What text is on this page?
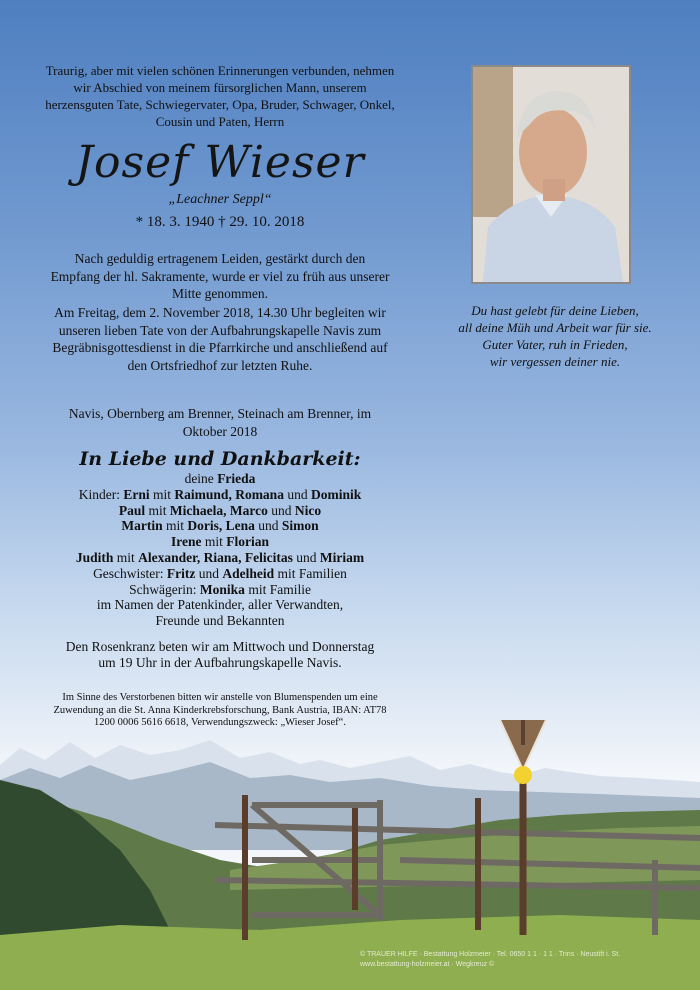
Traurig, aber mit vielen schönen Erinnerungen verbunden, nehmen wir Abschied von meinem fürsorglichen Mann, unserem herzensguten Tate, Schwiegervater, Opa, Bruder, Schwager, Onkel, Cousin und Paten, Herrn
Josef Wieser
„Leachner Seppl“
* 18. 3. 1940 † 29. 10. 2018
Nach geduldig ertragenem Leiden, gestärkt durch den Empfang der hl. Sakramente, wurde er viel zu früh aus unserer Mitte genommen.
Am Freitag, dem 2. November 2018, 14.30 Uhr begleiten wir unseren lieben Tate von der Aufbahrungskapelle Navis zum Begräbnisgottesdienst in die Pfarrkirche und anschließend auf den Ortsfriedhof zur letzten Ruhe.
Navis, Obernberg am Brenner, Steinach am Brenner, im Oktober 2018
In Liebe und Dankbarkeit:
deine Frieda
Kinder: Erni mit Raimund, Romana und Dominik
Paul mit Michaela, Marco und Nico
Martin mit Doris, Lena und Simon
Irene mit Florian
Judith mit Alexander, Riana, Felicitas und Miriam
Geschwister: Fritz und Adelheid mit Familien
Schwägerin: Monika mit Familie
im Namen der Patenkinder, aller Verwandten,
Freunde und Bekannten
Den Rosenkranz beten wir am Mittwoch und Donnerstag um 19 Uhr in der Aufbahrungskapelle Navis.
Im Sinne des Verstorbenen bitten wir anstelle von Blumenspenden um eine Zuwendung an die St. Anna Kinderkrebsforschung, Bank Austria, IBAN: AT78 1200 0006 5616 6618, Verwendungszweck: „Wieser Josef“.
Du hast gelebt für deine Lieben,
all deine Müh und Arbeit war für sie.
Guter Vater, ruh in Frieden,
wir vergessen deiner nie.
© TRAUER HILFE · Bestattung Holzmeier · Tel. 0650 1 1 · 1 1 · Trins · Neustift i. St.
www.bestattung-holzmeier.at · Wegkreuz ©
